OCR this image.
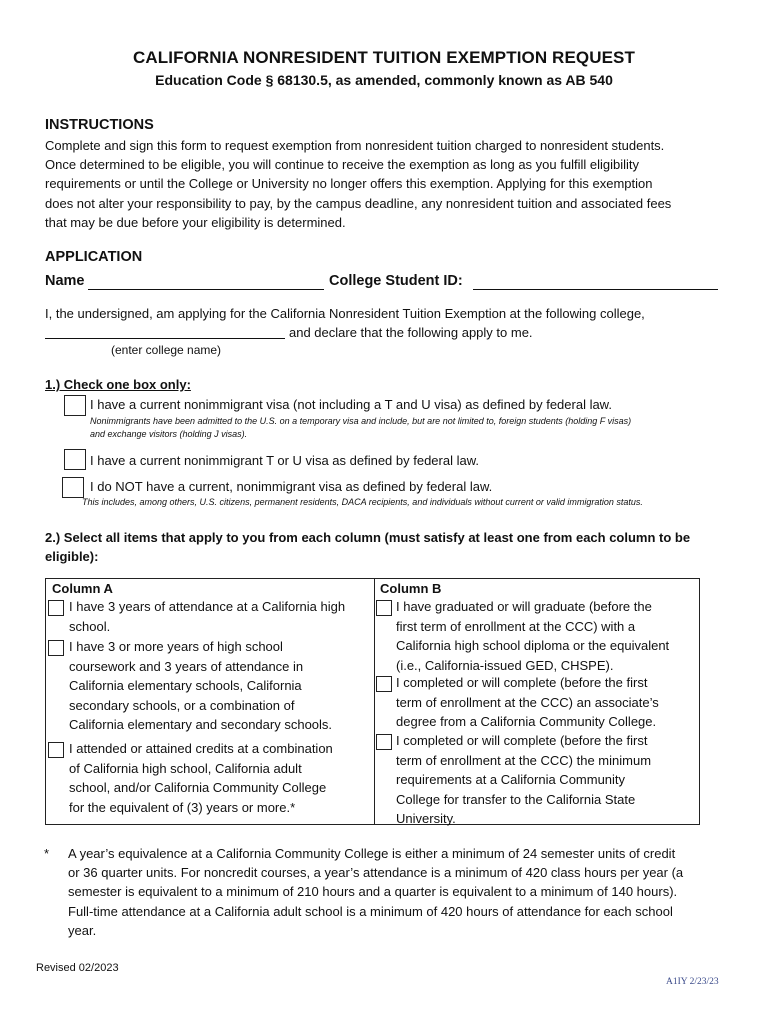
CALIFORNIA NONRESIDENT TUITION EXEMPTION REQUEST
Education Code § 68130.5, as amended, commonly known as AB 540
INSTRUCTIONS
Complete and sign this form to request exemption from nonresident tuition charged to nonresident students.
Once determined to be eligible, you will continue to receive the exemption as long as you fulfill eligibility
requirements or until the College or University no longer offers this exemption. Applying for this exemption
does not alter your responsibility to pay, by the campus deadline, any nonresident tuition and associated fees
that may be due before your eligibility is determined.
APPLICATION
Name	College Student ID:
I, the undersigned, am applying for the California Nonresident Tuition Exemption at the following college,
and declare that the following apply to me.
(enter college name)
1.) Check one box only:
I have a current nonimmigrant visa (not including a T and U visa) as defined by federal law.
Nonimmigrants have been admitted to the U.S. on a temporary visa and include, but are not limited to, foreign students (holding F visas)
and exchange visitors (holding J visas).
I have a current nonimmigrant T or U visa as defined by federal law.
I do NOT have a current, nonimmigrant visa as defined by federal law.
This includes, among others, U.S. citizens, permanent residents, DACA recipients, and individuals without current or valid immigration status.
2.) Select all items that apply to you from each column (must satisfy at least one from each column to be
eligible):
Column A
I have 3 years of attendance at a California high
school.
I have 3 or more years of high school
coursework and 3 years of attendance in
California elementary schools, California
secondary schools, or a combination of
California elementary and secondary schools.
I attended or attained credits at a combination
of California high school, California adult
school, and/or California Community College
for the equivalent of (3) years or more.*
Column B
I have graduated or will graduate (before the
first term of enrollment at the CCC) with a
California high school diploma or the equivalent
(i.e., California-issued GED, CHSPE).
I completed or will complete (before the first
term of enrollment at the CCC) an associate’s
degree from a California Community College.
I completed or will complete (before the first
term of enrollment at the CCC) the minimum
requirements at a California Community
College for transfer to the California State
University.
* A year’s equivalence at a California Community College is either a minimum of 24 semester units of credit
or 36 quarter units. For noncredit courses, a year’s attendance is a minimum of 420 class hours per year (a
semester is equivalent to a minimum of 210 hours and a quarter is equivalent to a minimum of 140 hours).
Full-time attendance at a California adult school is a minimum of 420 hours of attendance for each school
year.
Revised 02/2023
A1IY 2/23/23
